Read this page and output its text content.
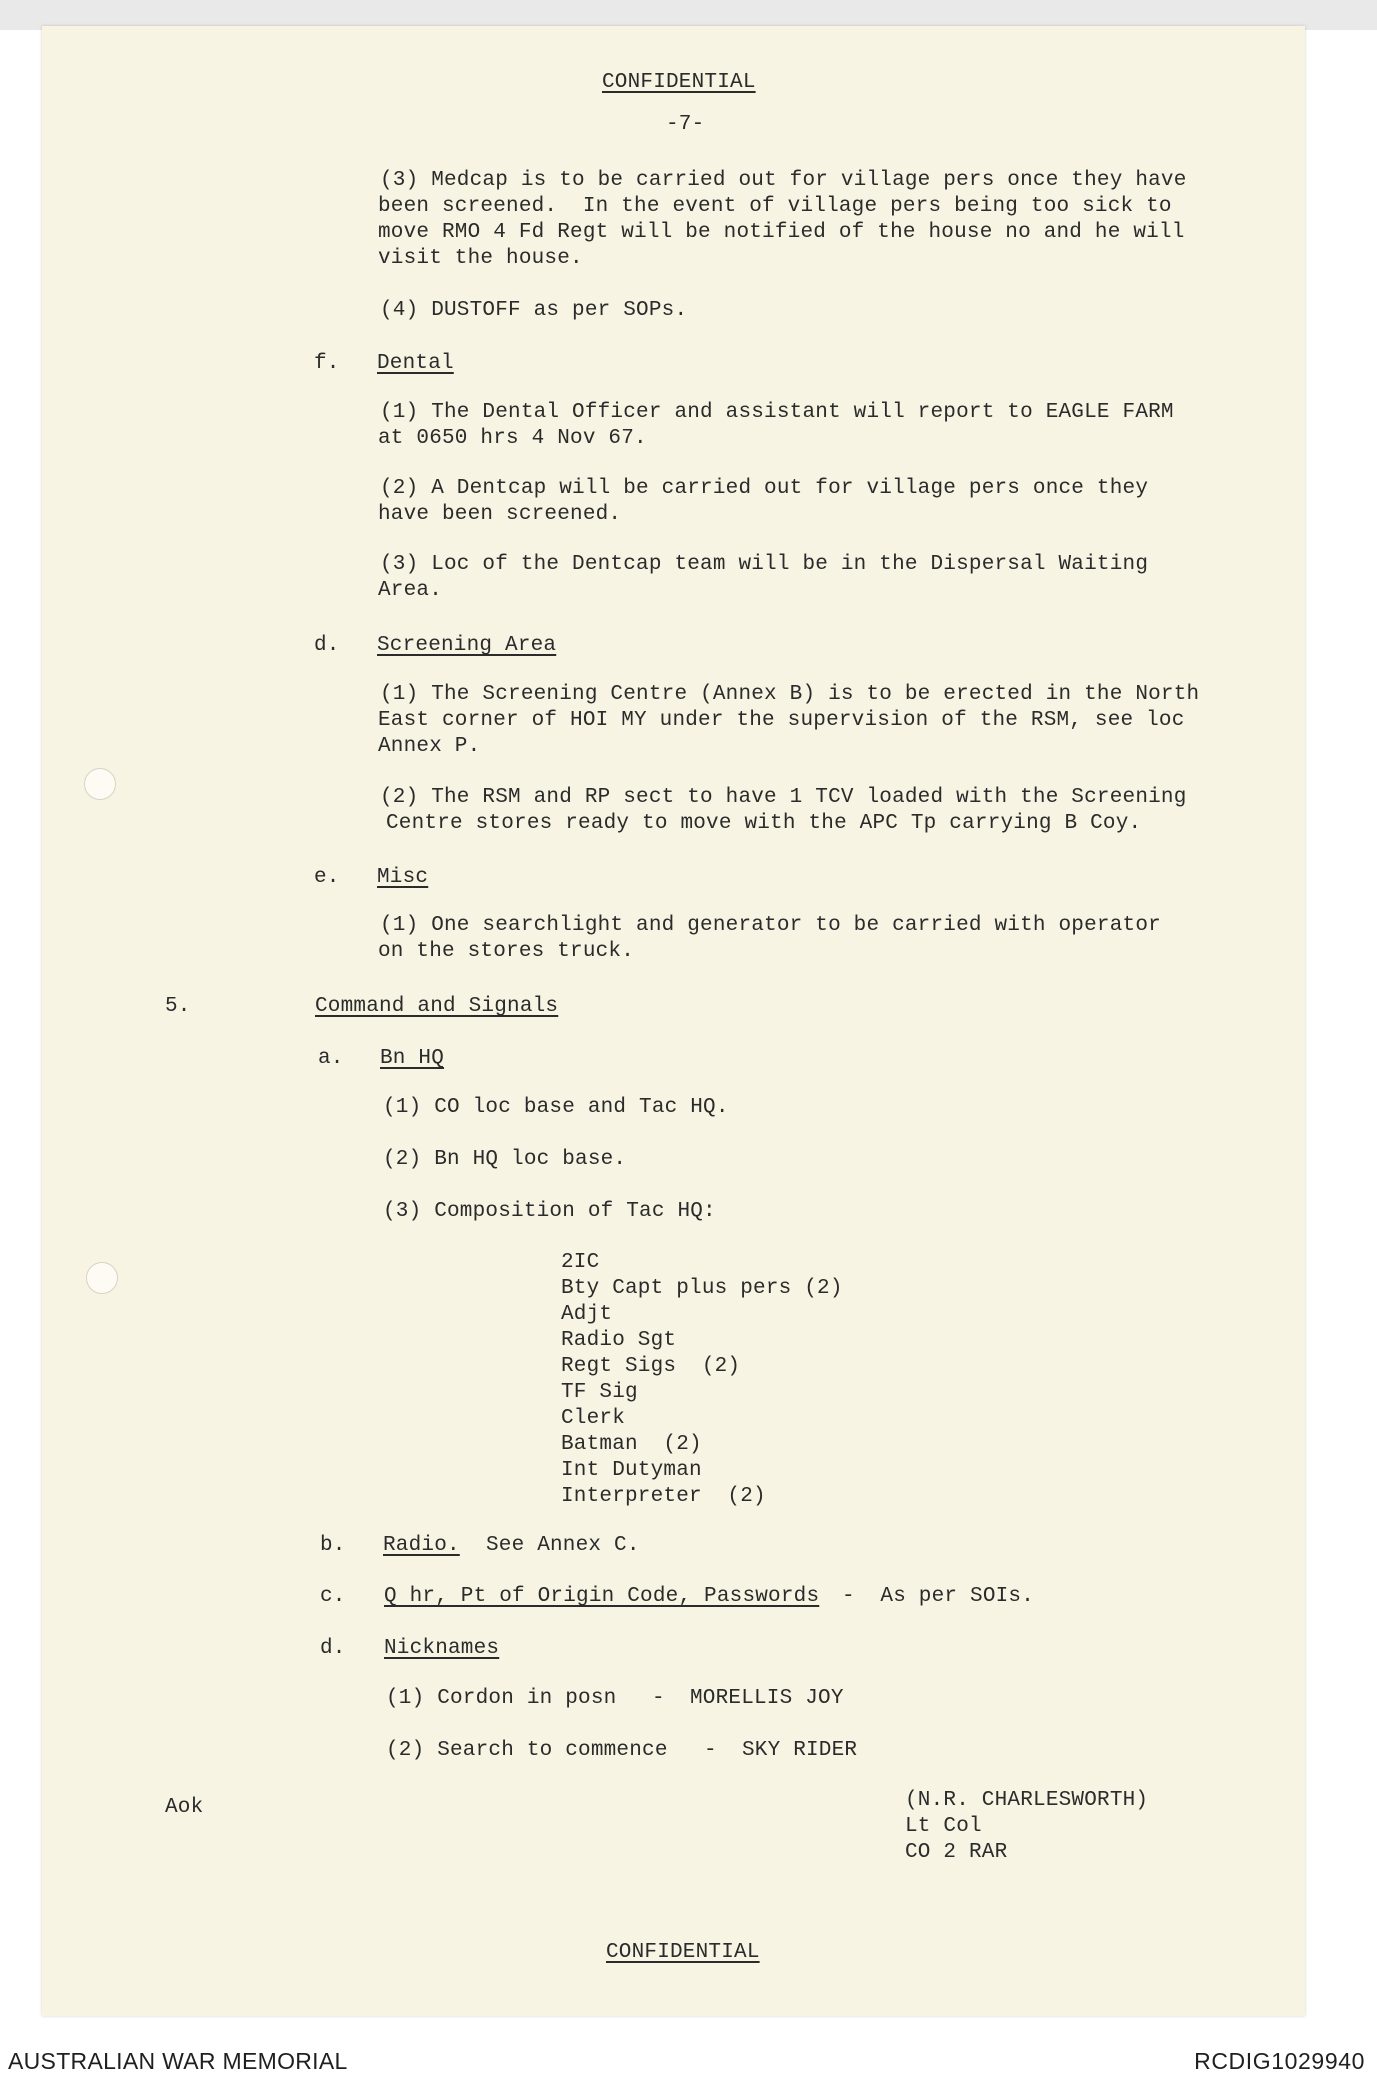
CONFIDENTIAL
-7-
(3) Medcap is to be carried out for village pers once they have
been screened.  In the event of village pers being too sick to
move RMO 4 Fd Regt will be notified of the house no and he will
visit the house.
(4) DUSTOFF as per SOPs.
f. Dental
(1) The Dental Officer and assistant will report to EAGLE FARM
at 0650 hrs 4 Nov 67.
(2) A Dentcap will be carried out for village pers once they
have been screened.
(3) Loc of the Dentcap team will be in the Dispersal Waiting
Area.
d. Screening Area
(1) The Screening Centre (Annex B) is to be erected in the North
East corner of HOI MY under the supervision of the RSM, see loc
Annex P.
(2) The RSM and RP sect to have 1 TCV loaded with the Screening
Centre stores ready to move with the APC Tp carrying B Coy.
e. Misc
(1) One searchlight and generator to be carried with operator
on the stores truck.
5.	Command and Signals
a. Bn HQ
(1) CO loc base and Tac HQ.
(2) Bn HQ loc base.
(3) Composition of Tac HQ:
2IC
Bty Capt plus pers (2)
Adjt
Radio Sgt
Regt Sigs  (2)
TF Sig
Clerk
Batman  (2)
Int Dutyman
Interpreter  (2)
b. Radio. See Annex C.
c. Q hr, Pt of Origin Code, Passwords -  As per SOIs.
d. Nicknames
(1) Cordon in posn - MORELLIS JOY
(2) Search to commence - SKY RIDER
Aok	(N.R. CHARLESWORTH)
Lt Col
CO 2 RAR
CONFIDENTIAL
AUSTRALIAN WAR MEMORIAL	RCDIG1029940
